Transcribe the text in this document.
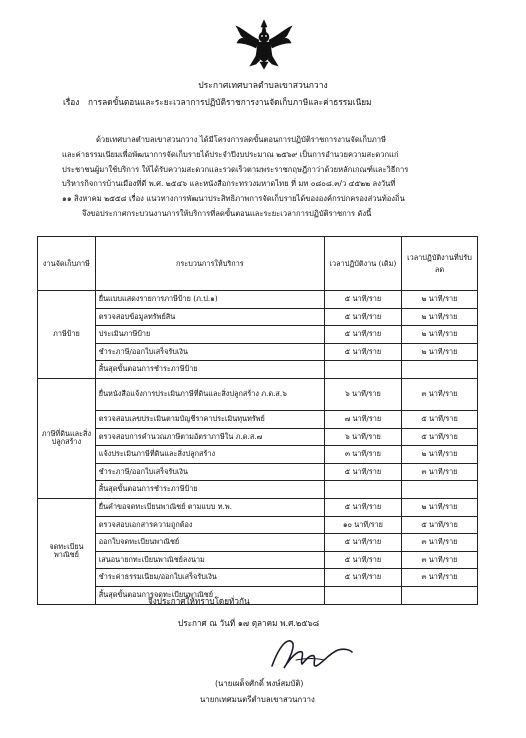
ประกาศเทศบาลตำบลเขาสวนกวาง
เรื่อง การลดขั้นตอนและระยะเวลาการปฏิบัติราชการงานจัดเก็บภาษีและค่าธรรมเนียม
ด้วยเทศบาลตำบลเขาสวนกวาง ได้มีโครงการลดขั้นตอนการปฏิบัติราชการงานจัดเก็บภาษี
และค่าธรรมเนียมเพื่อพัฒนาการจัดเก็บรายได้ประจำปีงบประมาณ ๒๕๖๙ เป็นการอำนวยความสะดวกแก่
ประชาชนผู้มาใช้บริการ ให้ได้รับความสะดวกและรวดเร็วตามพระราชกฤษฎีกาว่าด้วยหลักเกณฑ์และวิธีการ
บริหารกิจการบ้านเมืองที่ดี พ.ศ. ๒๕๔๖ และหนังสือกระทรวงมหาดไทย ที่ มท ๐๘๐๘.๓/ว ๔๕๒๒ ลงวันที่
๑๑ สิงหาคม ๒๕๕๘ เรื่อง แนวทางการพัฒนาประสิทธิภาพการจัดเก็บรายได้ขององค์กรปกครองส่วนท้องถิ่น
จึงขอประกาศกระบวนงานการให้บริการที่ลดขั้นตอนและระยะเวลาการปฏิบัติราชการ ดังนี้
งานจัดเก็บภาษี	กระบวนการให้บริการ	เวลาปฏิบัติงาน (เดิม)	เวลาปฏิบัติงานที่ปรับลด
ภาษีป้าย	ยื่นแบบแสดงรายการภาษีป้าย (ภ.ป.๑)	๕ นาที/ราย	๒ นาที/ราย
	ตรวจสอบข้อมูลทรัพย์สิน	๕ นาที/ราย	๒ นาที/ราย
	ประเมินภาษีป้าย	๕ นาที/ราย	๒ นาที/ราย
	ชำระภาษี/ออกใบเสร็จรับเงิน	๕ นาที/ราย	๒ นาที/ราย
	สิ้นสุดขั้นตอนการชำระภาษีป้าย		
ภาษีที่ดินและสิ่งปลูกสร้าง	ยื่นหนังสือแจ้งการประเมินภาษีที่ดินและสิ่งปลูกสร้าง ภ.ด.ส.๖	๖ นาที/ราย	๓ นาที/ราย
	ตรวจสอบเลขประเมินตามบัญชีราคาประเมินทุนทรัพย์	๗ นาที/ราย	๕ นาที/ราย
	ตรวจสอบการคำนวณภาษีตามอัตราภาษีใน ภ.ด.ส.๗	๖ นาที/ราย	๕ นาที/ราย
	แจ้งประเมินภาษีที่ดินและสิ่งปลูกสร้าง	๓ นาที/ราย	๒ นาที/ราย
	ชำระภาษี/ออกใบเสร็จรับเงิน	๕ นาที/ราย	๓ นาที/ราย
	สิ้นสุดขั้นตอนการชำระภาษีป้าย		
จดทะเบียนพาณิชย์	ยื่นคำขอจดทะเบียนพาณิชย์ ตามแบบ ท.พ.	๕ นาที/ราย	๒ นาที/ราย
	ตรวจสอบเอกสารความถูกต้อง	๑๐ นาที/ราย	๕ นาที/ราย
	ออกใบจดทะเบียนพาณิชย์	๕ นาที/ราย	๓ นาที/ราย
	เสนอนายกทะเบียนพาณิชย์ลงนาม	๕ นาที/ราย	๓ นาที/ราย
	ชำระค่าธรรมเนียม/ออกใบเสร็จรับเงิน	๕ นาที/ราย	๓ นาที/ราย
	สิ้นสุดขั้นตอนการจดทะเบียนพาณิชย์		
จึงประกาศให้ทราบโดยทั่วกัน
ประกาศ ณ วันที่ ๑๗ ตุลาคม พ.ศ.๒๕๖๘
(นายเผด็จศักดิ์ พงษ์สมบัติ)
นายกเทศมนตรีตำบลเขาสวนกวาง
